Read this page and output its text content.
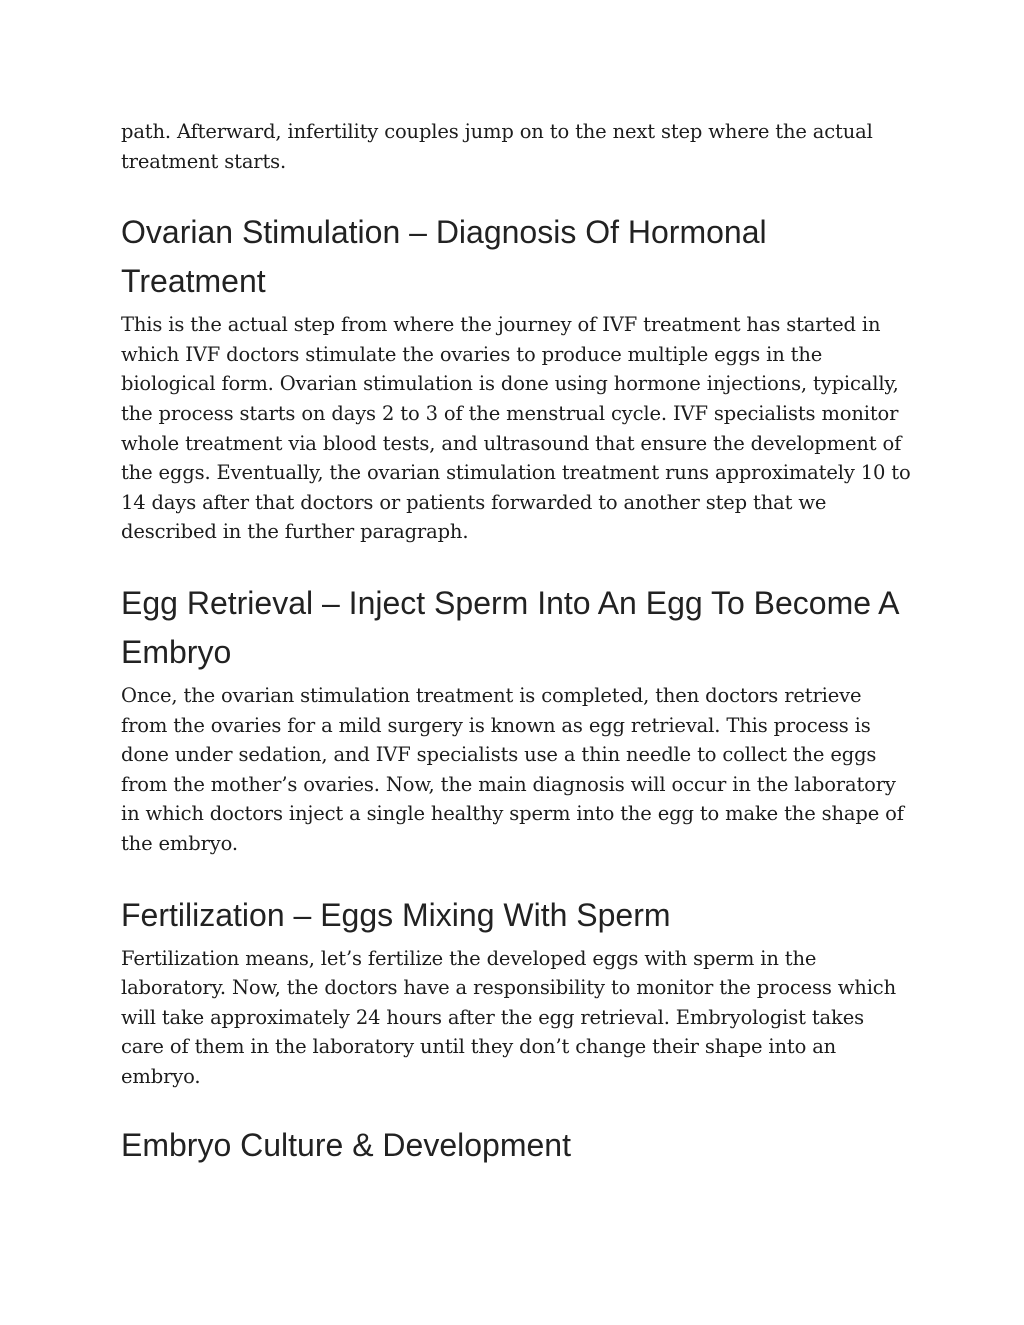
path. Afterward, infertility couples jump on to the next step where the actual treatment starts.

Ovarian Stimulation – Diagnosis Of Hormonal Treatment

This is the actual step from where the journey of IVF treatment has started in which IVF doctors stimulate the ovaries to produce multiple eggs in the biological form. Ovarian stimulation is done using hormone injections, typically, the process starts on days 2 to 3 of the menstrual cycle. IVF specialists monitor whole treatment via blood tests, and ultrasound that ensure the development of the eggs. Eventually, the ovarian stimulation treatment runs approximately 10 to 14 days after that doctors or patients forwarded to another step that we described in the further paragraph.

Egg Retrieval – Inject Sperm Into An Egg To Become A Embryo

Once, the ovarian stimulation treatment is completed, then doctors retrieve from the ovaries for a mild surgery is known as egg retrieval. This process is done under sedation, and IVF specialists use a thin needle to collect the eggs from the mother’s ovaries. Now, the main diagnosis will occur in the laboratory in which doctors inject a single healthy sperm into the egg to make the shape of the embryo.

Fertilization – Eggs Mixing With Sperm

Fertilization means, let’s fertilize the developed eggs with sperm in the laboratory. Now, the doctors have a responsibility to monitor the process which will take approximately 24 hours after the egg retrieval. Embryologist takes care of them in the laboratory until they don’t change their shape into an embryo.

Embryo Culture & Development
